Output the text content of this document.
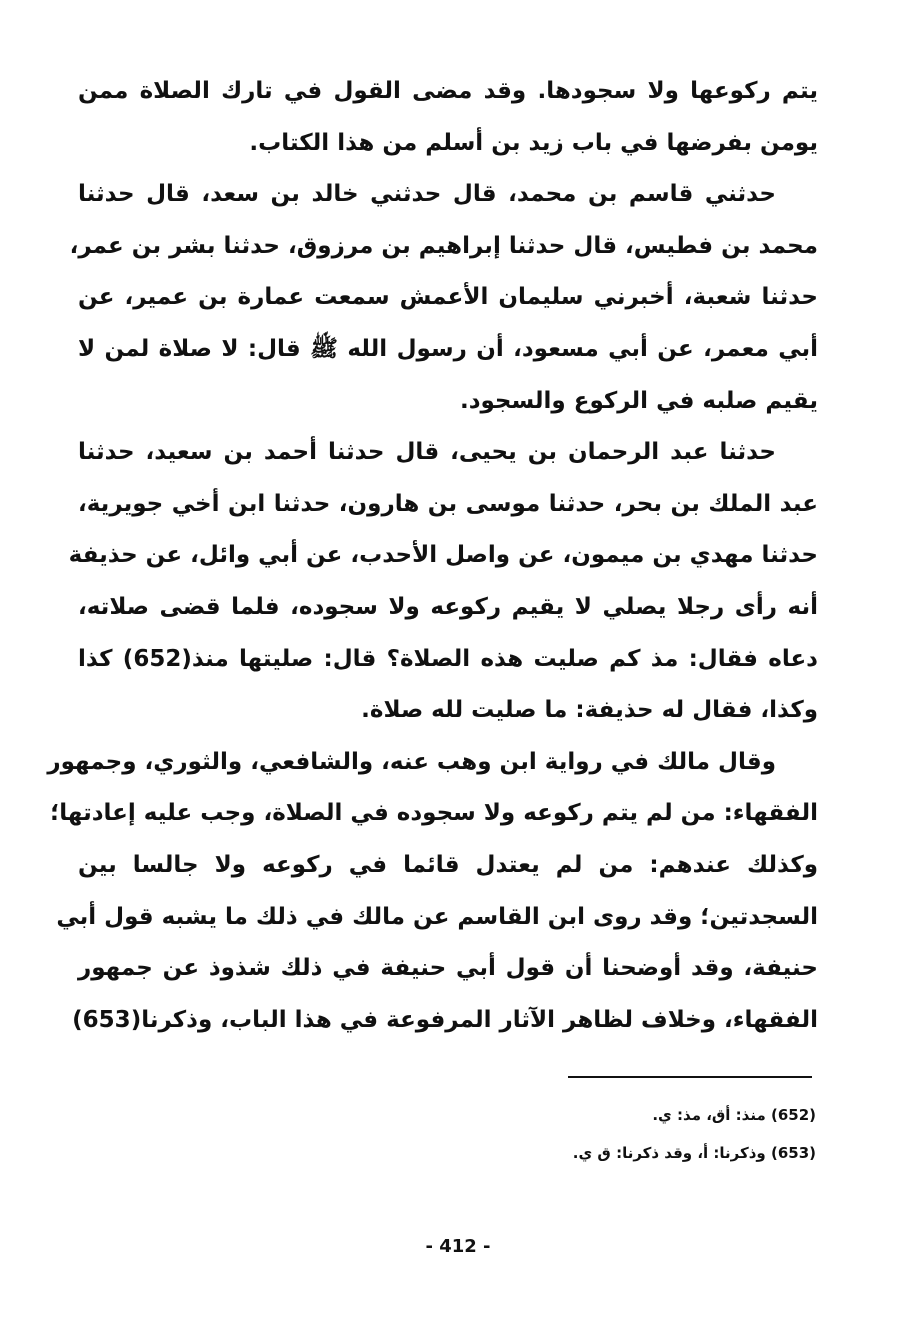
يتم ركوعها ولا سجودها. وقد مضى القول في تارك الصلاة ممن
يومن بفرضها في باب زيد بن أسلم من هذا الكتاب.
حدثني قاسم بن محمد، قال حدثني خالد بن سعد، قال حدثنا
محمد بن فطيس، قال حدثنا إبراهيم بن مرزوق، حدثنا بشر بن عمر،
حدثنا شعبة، أخبرني سليمان الأعمش سمعت عمارة بن عمير، عن
أبي معمر، عن أبي مسعود، أن رسول الله ﷺ قال: لا صلاة لمن لا
يقيم صلبه في الركوع والسجود.
حدثنا عبد الرحمان بن يحيى، قال حدثنا أحمد بن سعيد، حدثنا
عبد الملك بن بحر، حدثنا موسى بن هارون، حدثنا ابن أخي جويرية،
حدثنا مهدي بن ميمون، عن واصل الأحدب، عن أبي وائل، عن حذيفة
أنه رأى رجلا يصلي لا يقيم ركوعه ولا سجوده، فلما قضى صلاته،
دعاه فقال: مذ كم صليت هذه الصلاة؟ قال: صليتها منذ(652) كذا
وكذا، فقال له حذيفة: ما صليت لله صلاة.
وقال مالك في رواية ابن وهب عنه، والشافعي، والثوري، وجمهور
الفقهاء: من لم يتم ركوعه ولا سجوده في الصلاة، وجب عليه إعادتها؛
وكذلك عندهم: من لم يعتدل قائما في ركوعه ولا جالسا بين
السجدتين؛ وقد روى ابن القاسم عن مالك في ذلك ما يشبه قول أبي
حنيفة، وقد أوضحنا أن قول أبي حنيفة في ذلك شذوذ عن جمهور
الفقهاء، وخلاف لظاهر الآثار المرفوعة في هذا الباب، وذكرنا(653)
(652) منذ: أق، مذ: ي.
(653) وذكرنا: أ، وقد ذكرنا: ق ي.
- 412 -
